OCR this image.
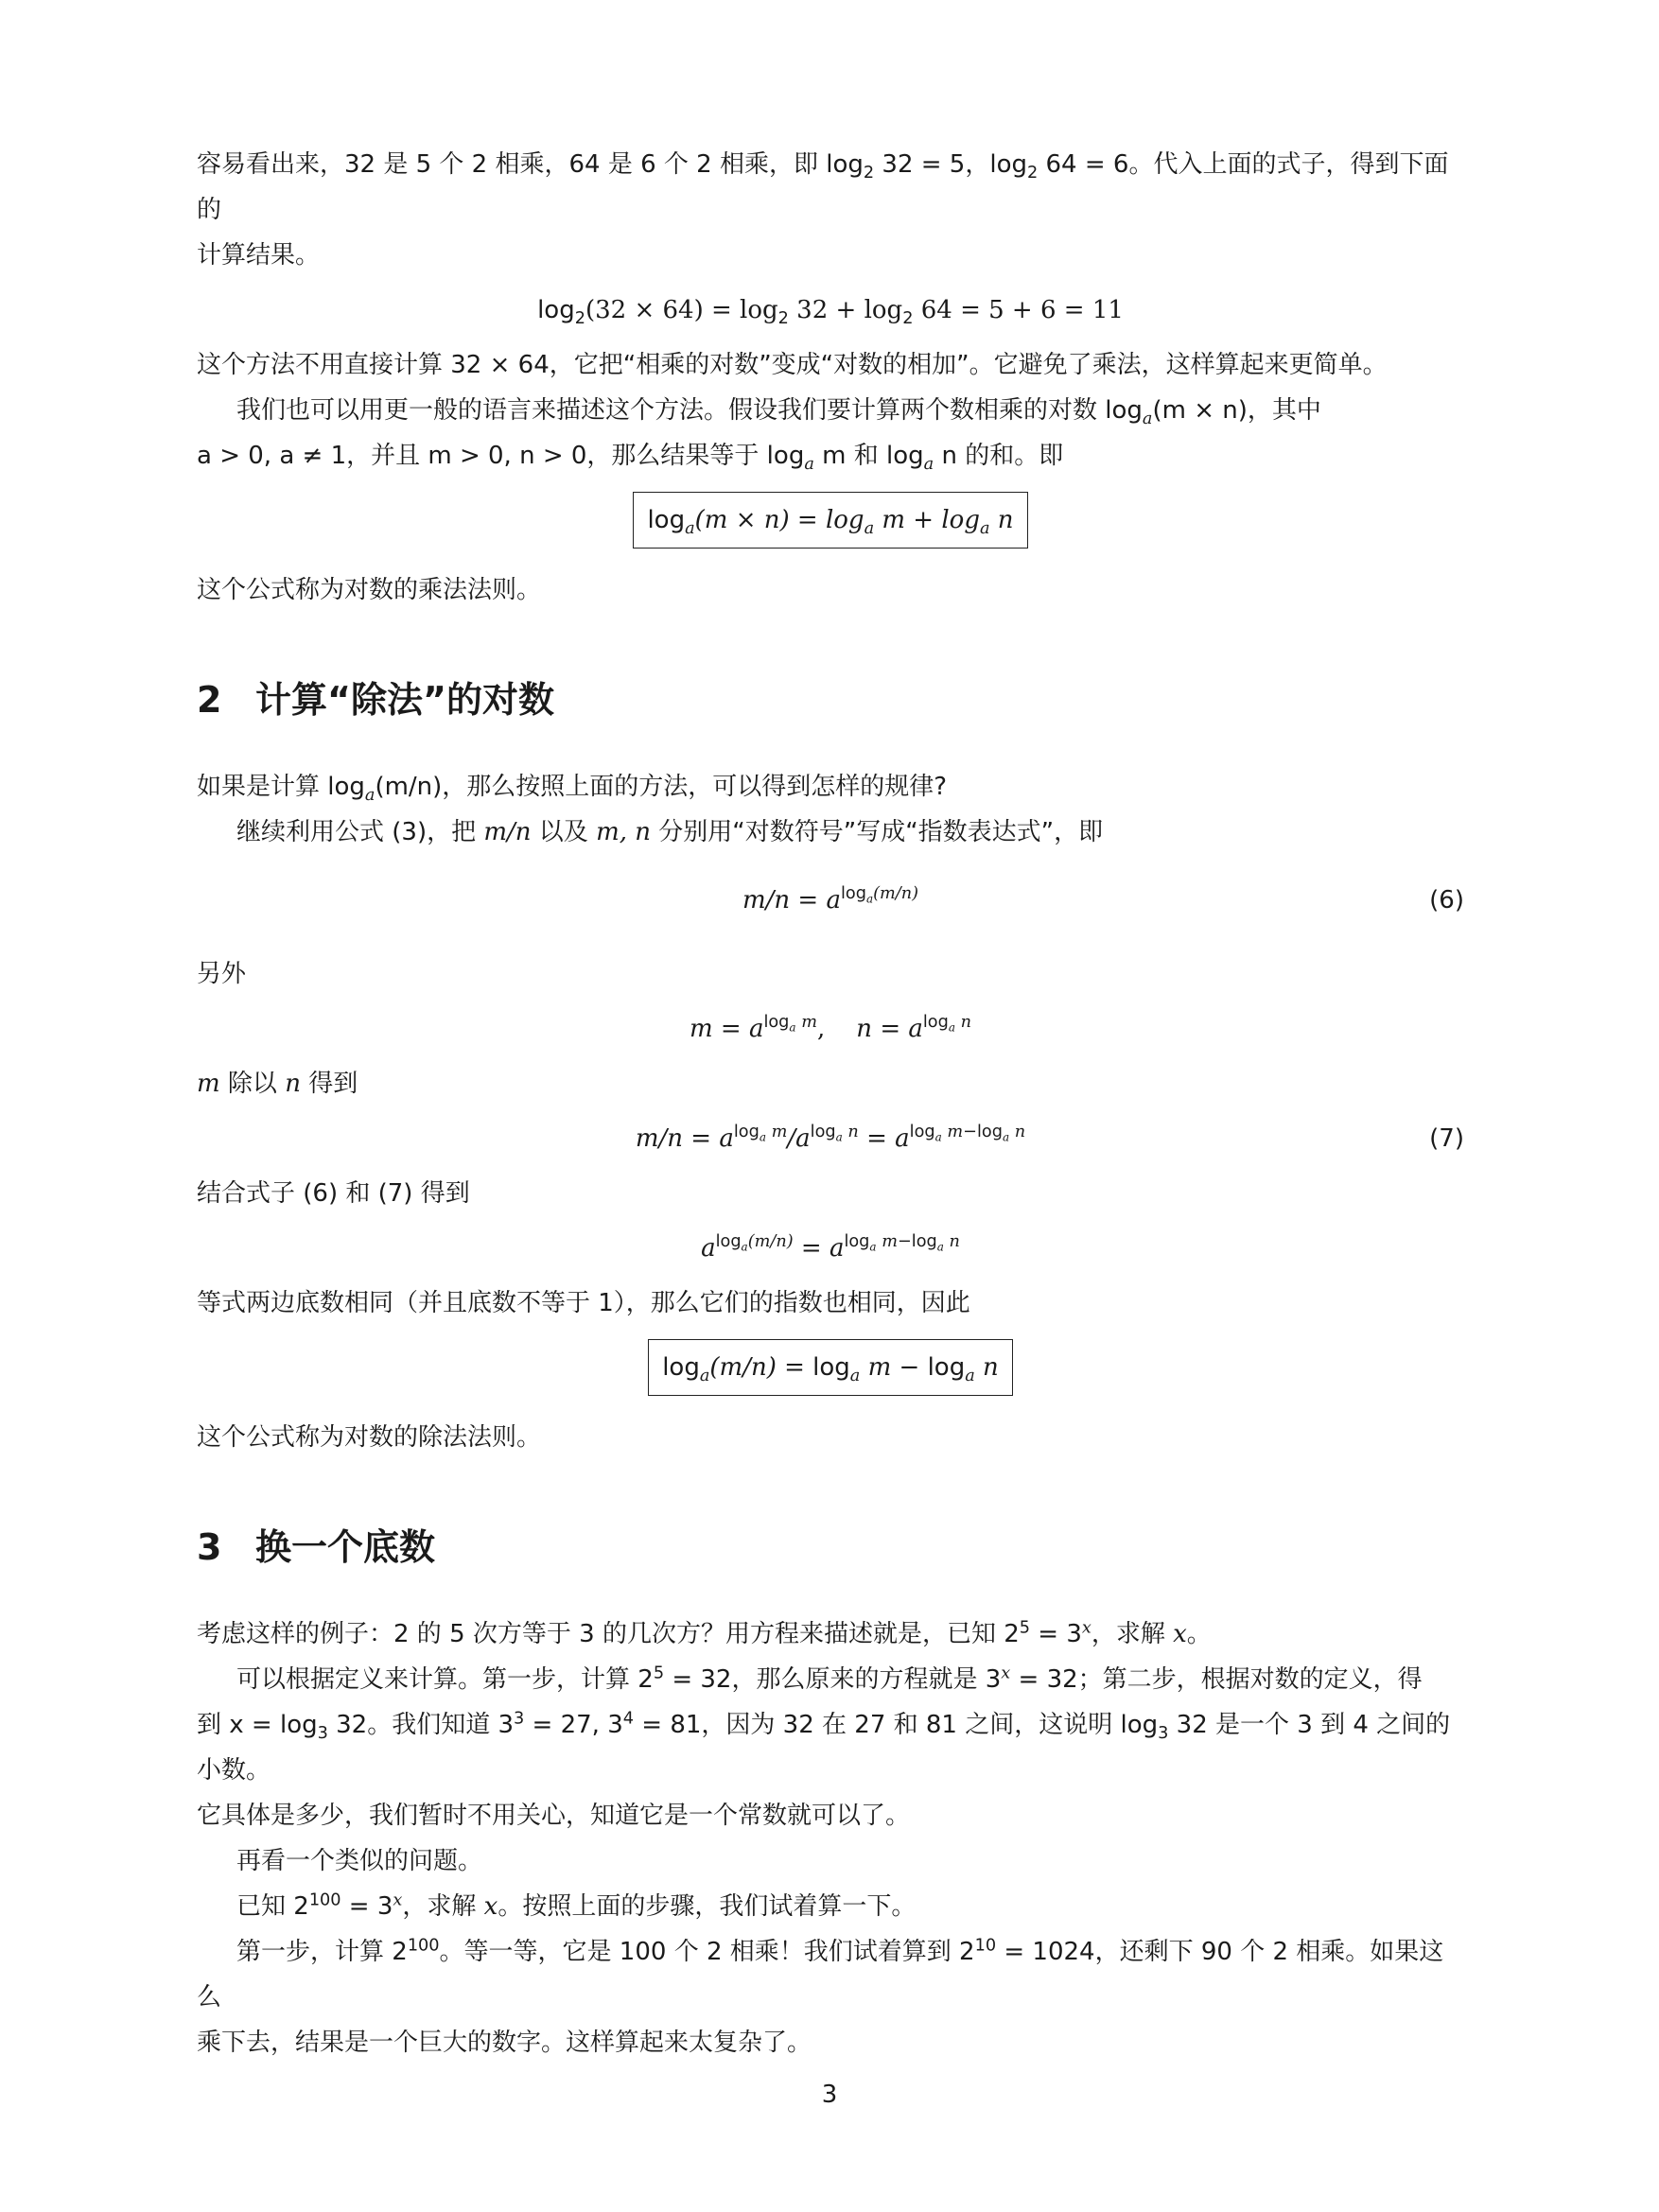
容易看出来，32 是 5 个 2 相乘，64 是 6 个 2 相乘，即 $\log_2 32 = 5$，$\log_2 64 = 6$。代入上面的式子，得到下面的

计算结果。

$\log_2(32 \times 64) = \log_2 32 + \log_2 64 = 5 + 6 = 11$

这个方法不用直接计算 32 × 64，它把“相乘的对数”变成“对数的相加”。它避免了乘法，这样算起来更简单。

我们也可以用更一般的语言来描述这个方法。假设我们要计算两个数相乘的对数 $\log_a(m \times n)$，其中

a > 0, a ≠ 1，并且 m > 0, n > 0，那么结果等于 $\log_a m$ 和 $\log_a n$ 的和。即

$\log_a(m \times n) = \log_a m + \log_a n$

这个公式称为对数的乘法法则。

2 计算“除法”的对数

如果是计算 $\log_a(m/n)$，那么按照上面的方法，可以得到怎样的规律?

继续利用公式 (3)，把 m/n 以及 m, n 分别用“对数符号”写成“指数表达式”，即

$m/n = a^{log_a(m/n)}$	(6)

另外

$m = a^{log_a m}$, $n = a^{log_a n}$

m 除以 n 得到

$m/n = a^{log_a m}/a^{log_a n} = a^{log_a m-log_a n}$	(7)

结合式子 (6) 和 (7) 得到

$a^{log_a(m/n)} = a^{log_a m-log_a n}$

等式两边底数相同（并且底数不等于 1），那么它们的指数也相同，因此

$\log_a(m/n) = \log_a m - \log_a n$

这个公式称为对数的除法法则。

3 换一个底数

考虑这样的例子：2 的 5 次方等于 3 的几次方？用方程来描述就是，已知 $2^5 = 3^x$，求解 x。

可以根据定义来计算。第一步，计算 $2^5 = 32$，那么原来的方程就是 $3^x = 32$；第二步，根据对数的定义，得

到 $x = \log_3 32$。我们知道 $3^3 = 27$, $3^4 = 81$，因为 32 在 27 和 81 之间，这说明 $\log_3 32$ 是一个 3 到 4 之间的小数。

它具体是多少，我们暂时不用关心，知道它是一个常数就可以了。

再看一个类似的问题。

已知 $2^{100} = 3^x$，求解 x。按照上面的步骤，我们试着算一下。

第一步，计算 $2^{100}$。等一等，它是 100 个 2 相乘！我们试着算到 $2^{10} = 1024$，还剩下 90 个 2 相乘。如果这么

乘下去，结果是一个巨大的数字。这样算起来太复杂了。

3
